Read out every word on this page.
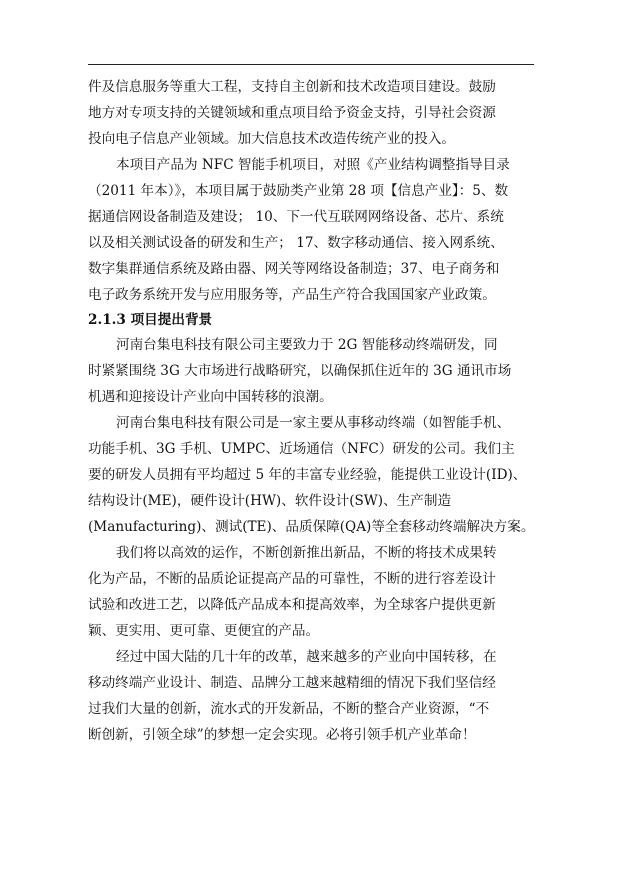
件及信息服务等重大工程，支持自主创新和技术改造项目建设。鼓励
地方对专项支持的关键领域和重点项目给予资金支持，引导社会资源
投向电子信息产业领域。加大信息技术改造传统产业的投入。
本项目产品为 NFC 智能手机项目，对照《产业结构调整指导目录
（2011 年本）》，本项目属于鼓励类产业第 28 项【信息产业】：5、数
据通信网设备制造及建设； 10、下一代互联网网络设备、芯片、系统
以及相关测试设备的研发和生产； 17、数字移动通信、接入网系统、
数字集群通信系统及路由器、网关等网络设备制造；37、电子商务和
电子政务系统开发与应用服务等，产品生产符合我国国家产业政策。
2.1.3 项目提出背景
河南台集电科技有限公司主要致力于 2G 智能移动终端研发，同
时紧紧围绕 3G 大市场进行战略研究，以确保抓住近年的 3G 通讯市场
机遇和迎接设计产业向中国转移的浪潮。
河南台集电科技有限公司是一家主要从事移动终端（如智能手机、
功能手机、3G 手机、UMPC、近场通信（NFC）研发的公司。我们主
要的研发人员拥有平均超过 5 年的丰富专业经验，能提供工业设计(ID)、
结构设计(ME)，硬件设计(HW)、软件设计(SW)、生产制造
(Manufacturing)、测试(TE)、品质保障(QA)等全套移动终端解决方案。
我们将以高效的运作，不断创新推出新品，不断的将技术成果转
化为产品，不断的品质论证提高产品的可靠性，不断的进行容差设计
试验和改进工艺，以降低产品成本和提高效率，为全球客户提供更新
颖、更实用、更可靠、更便宜的产品。
经过中国大陆的几十年的改革，越来越多的产业向中国转移，在
移动终端产业设计、制造、品牌分工越来越精细的情况下我们坚信经
过我们大量的创新，流水式的开发新品，不断的整合产业资源，“不
断创新，引领全球”的梦想一定会实现。必将引领手机产业革命！
